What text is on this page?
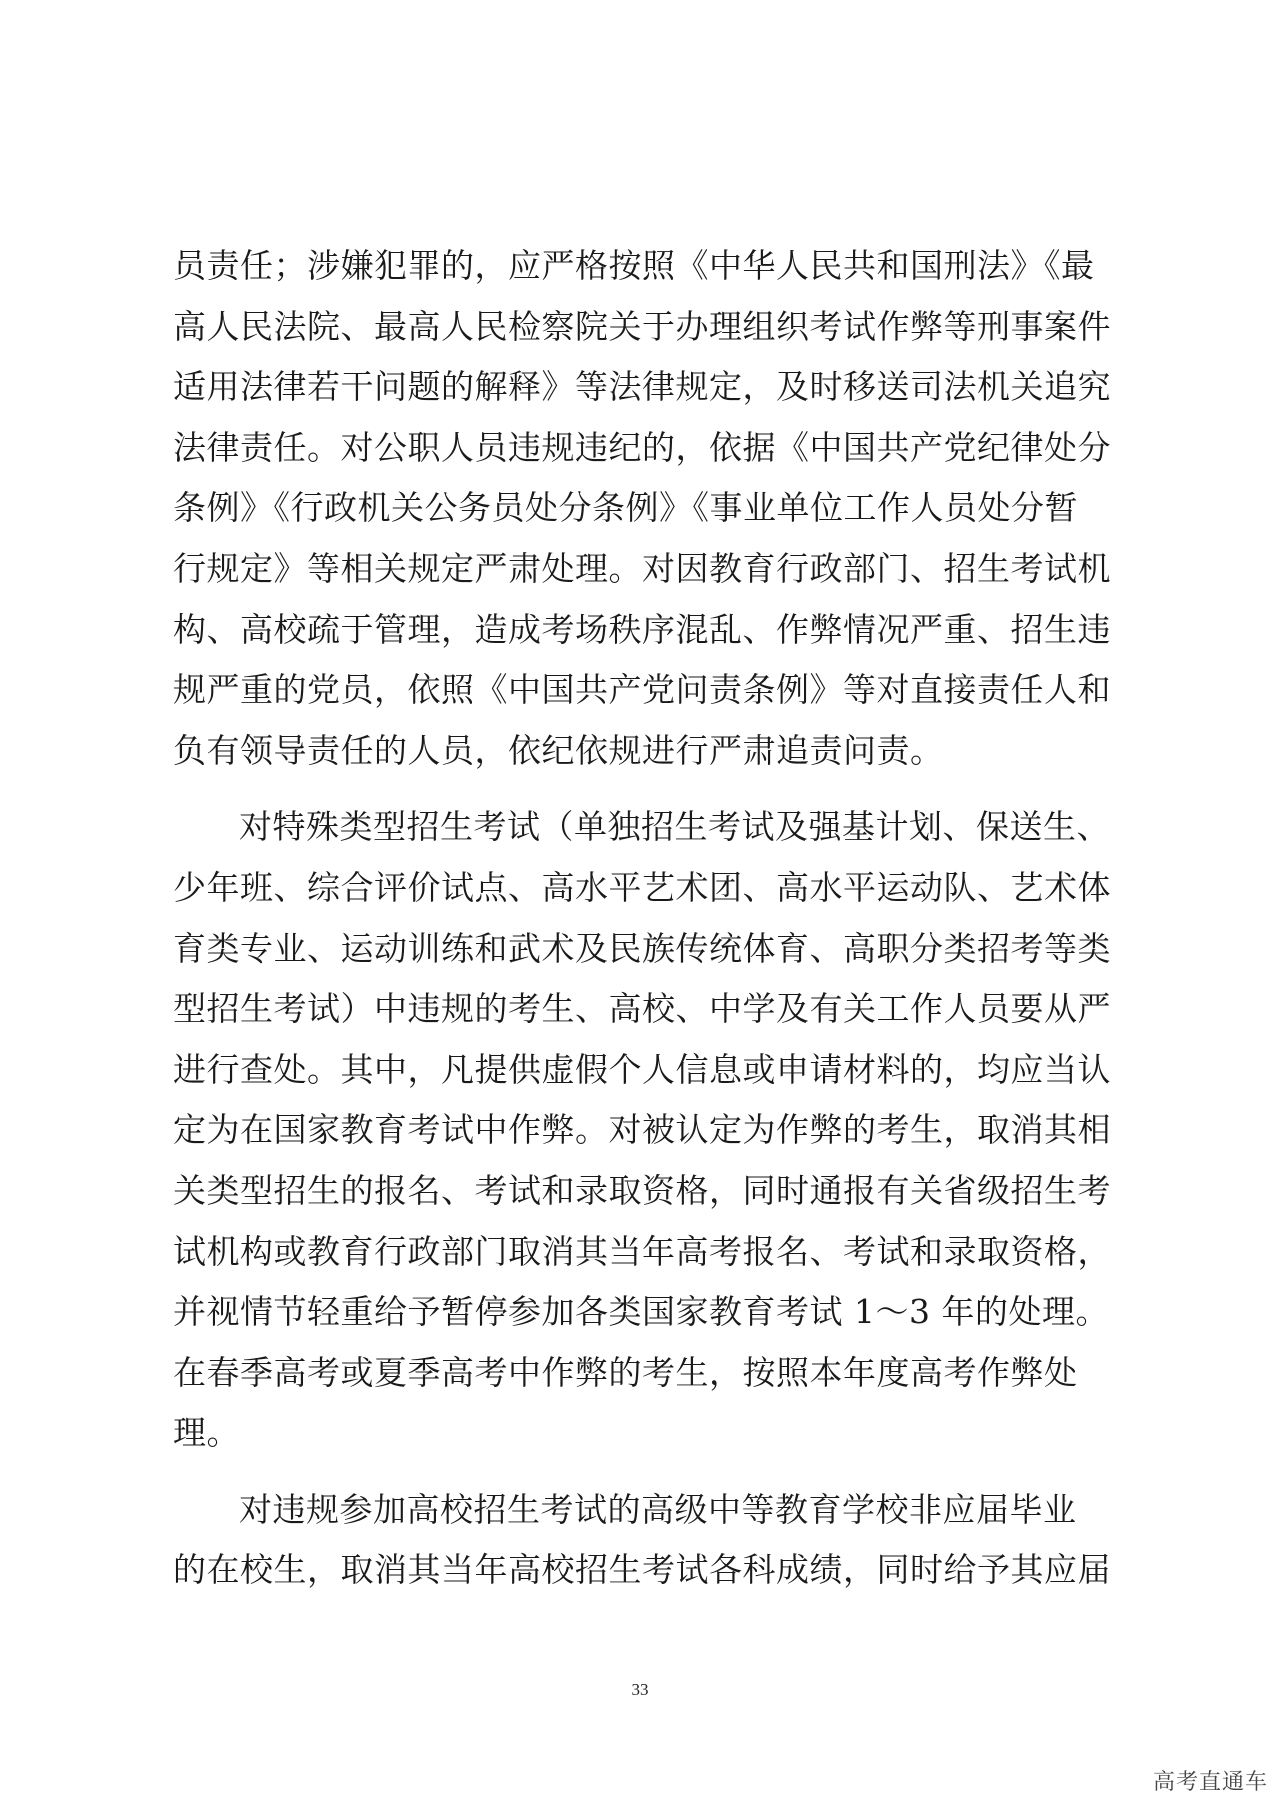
员责任；涉嫌犯罪的，应严格按照《中华人民共和国刑法》《最
高人民法院、最高人民检察院关于办理组织考试作弊等刑事案件
适用法律若干问题的解释》等法律规定，及时移送司法机关追究
法律责任。对公职人员违规违纪的，依据《中国共产党纪律处分
条例》《行政机关公务员处分条例》《事业单位工作人员处分暂
行规定》等相关规定严肃处理。对因教育行政部门、招生考试机
构、高校疏于管理，造成考场秩序混乱、作弊情况严重、招生违
规严重的党员，依照《中国共产党问责条例》等对直接责任人和
负有领导责任的人员，依纪依规进行严肃追责问责。
对特殊类型招生考试（单独招生考试及强基计划、保送生、
少年班、综合评价试点、高水平艺术团、高水平运动队、艺术体
育类专业、运动训练和武术及民族传统体育、高职分类招考等类
型招生考试）中违规的考生、高校、中学及有关工作人员要从严
进行查处。其中，凡提供虚假个人信息或申请材料的，均应当认
定为在国家教育考试中作弊。对被认定为作弊的考生，取消其相
关类型招生的报名、考试和录取资格，同时通报有关省级招生考
试机构或教育行政部门取消其当年高考报名、考试和录取资格，
并视情节轻重给予暂停参加各类国家教育考试 1～3 年的处理。
在春季高考或夏季高考中作弊的考生，按照本年度高考作弊处
理。
对违规参加高校招生考试的高级中等教育学校非应届毕业
的在校生，取消其当年高校招生考试各科成绩，同时给予其应届
33
高考直通车
